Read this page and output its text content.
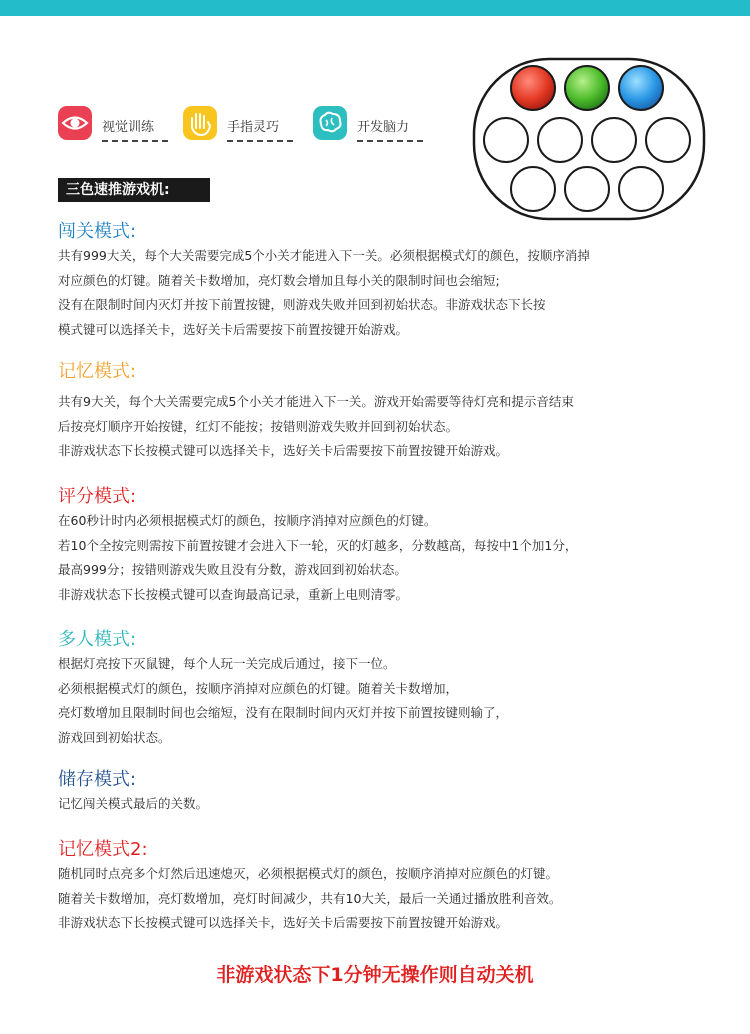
视觉训练	手指灵巧	开发脑力
三色速推游戏机:
闯关模式:
共有999大关，每个大关需要完成5个小关才能进入下一关。必须根据模式灯的颜色，按顺序消掉
对应颜色的灯键。随着关卡数增加，亮灯数会增加且每小关的限制时间也会缩短;
没有在限制时间内灭灯并按下前置按键，则游戏失败并回到初始状态。非游戏状态下长按
模式键可以选择关卡，选好关卡后需要按下前置按键开始游戏。
记忆模式:
共有9大关，每个大关需要完成5个小关才能进入下一关。游戏开始需要等待灯亮和提示音结束
后按亮灯顺序开始按键，红灯不能按；按错则游戏失败并回到初始状态。
非游戏状态下长按模式键可以选择关卡，选好关卡后需要按下前置按键开始游戏。
评分模式:
在60秒计时内必须根据模式灯的颜色，按顺序消掉对应颜色的灯键。
若10个全按完则需按下前置按键才会进入下一轮，灭的灯越多，分数越高，每按中1个加1分，
最高999分；按错则游戏失败且没有分数，游戏回到初始状态。
非游戏状态下长按模式键可以查询最高记录，重新上电则清零。
多人模式:
根据灯亮按下灭鼠键，每个人玩一关完成后通过，接下一位。
必须根据模式灯的颜色，按顺序消掉对应颜色的灯键。随着关卡数增加，
亮灯数增加且限制时间也会缩短，没有在限制时间内灭灯并按下前置按键则输了，
游戏回到初始状态。
储存模式:
记忆闯关模式最后的关数。
记忆模式2:
随机同时点亮多个灯然后迅速熄灭，必须根据模式灯的颜色，按顺序消掉对应颜色的灯键。
随着关卡数增加，亮灯数增加，亮灯时间减少，共有10大关，最后一关通过播放胜利音效。
非游戏状态下长按模式键可以选择关卡，选好关卡后需要按下前置按键开始游戏。
非游戏状态下1分钟无操作则自动关机
